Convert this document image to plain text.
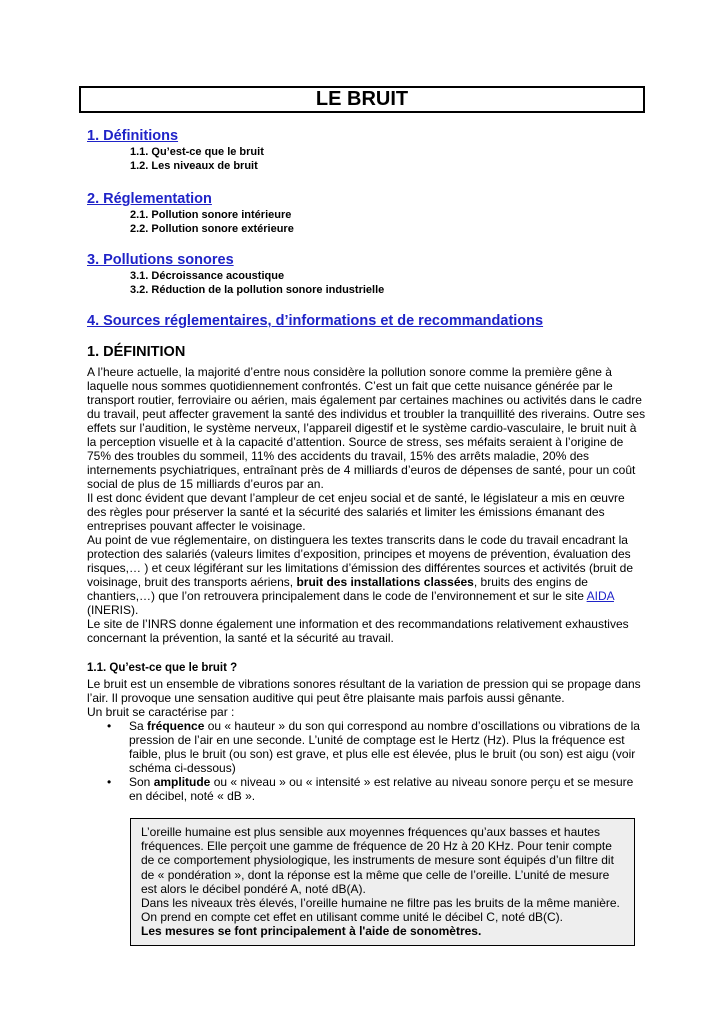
LE BRUIT
1. Définitions
1.1. Qu’est-ce que le bruit
1.2. Les niveaux de bruit
2. Réglementation
2.1. Pollution sonore intérieure
2.2. Pollution sonore extérieure
3. Pollutions sonores
3.1. Décroissance acoustique
3.2. Réduction de la pollution sonore industrielle
4. Sources réglementaires, d’informations et de recommandations
1. DÉFINITION

A l’heure actuelle, la majorité d’entre nous considère la pollution sonore comme la première gêne à laquelle nous sommes quotidiennement confrontés. C’est un fait que cette nuisance générée par le transport routier, ferroviaire ou aérien, mais également par certaines machines ou activités dans le cadre du travail, peut affecter gravement la santé des individus et troubler la tranquillité des riverains. Outre ses effets sur l’audition, le système nerveux, l’appareil digestif et le système cardio-vasculaire, le bruit nuit à la perception visuelle et à la capacité d’attention. Source de stress, ses méfaits seraient à l’origine de 75% des troubles du sommeil, 11% des accidents du travail, 15% des arrêts maladie, 20% des internements psychiatriques, entraînant près de 4 milliards d’euros de dépenses de santé, pour un coût social de plus de 15 milliards d’euros par an.

Il est donc évident que devant l’ampleur de cet enjeu social et de santé, le législateur a mis en œuvre des règles pour préserver la santé et la sécurité des salariés et limiter les émissions émanant des entreprises pouvant affecter le voisinage.

Au point de vue réglementaire, on distinguera les textes transcrits dans le code du travail encadrant la protection des salariés (valeurs limites d’exposition, principes et moyens de prévention, évaluation des risques,… ) et ceux légiférant sur les limitations d’émission des différentes sources et activités (bruit de voisinage, bruit des transports aériens, bruit des installations classées, bruits des engins de chantiers,…) que l’on retrouvera principalement dans le code de l’environnement et sur le site AIDA (INERIS).

Le site de l’INRS donne également une information et des recommandations relativement exhaustives concernant la prévention, la santé et la sécurité au travail.

1.1. Qu’est-ce que le bruit ?

Le bruit est un ensemble de vibrations sonores résultant de la variation de pression qui se propage dans l’air. Il provoque une sensation auditive qui peut être plaisante mais parfois aussi gênante.

Un bruit se caractérise par :

• Sa fréquence ou « hauteur » du son qui correspond au nombre d’oscillations ou vibrations de la pression de l’air en une seconde. L’unité de comptage est le Hertz (Hz). Plus la fréquence est faible, plus le bruit (ou son) est grave, et plus elle est élevée, plus le bruit (ou son) est aigu (voir schéma ci-dessous)
• Son amplitude ou « niveau » ou « intensité » est relative au niveau sonore perçu et se mesure en décibel, noté « dB ».
L’oreille humaine est plus sensible aux moyennes fréquences qu’aux basses et hautes fréquences. Elle perçoit une gamme de fréquence de 20 Hz à 20 KHz. Pour tenir compte de ce comportement physiologique, les instruments de mesure sont équipés d’un filtre dit de « pondération », dont la réponse est la même que celle de l’oreille. L’unité de mesure est alors le décibel pondéré A, noté dB(A).
Dans les niveaux très élevés, l’oreille humaine ne filtre pas les bruits de la même manière. On prend en compte cet effet en utilisant comme unité le décibel C, noté dB(C).
Les mesures se font principalement à l'aide de sonomètres.
